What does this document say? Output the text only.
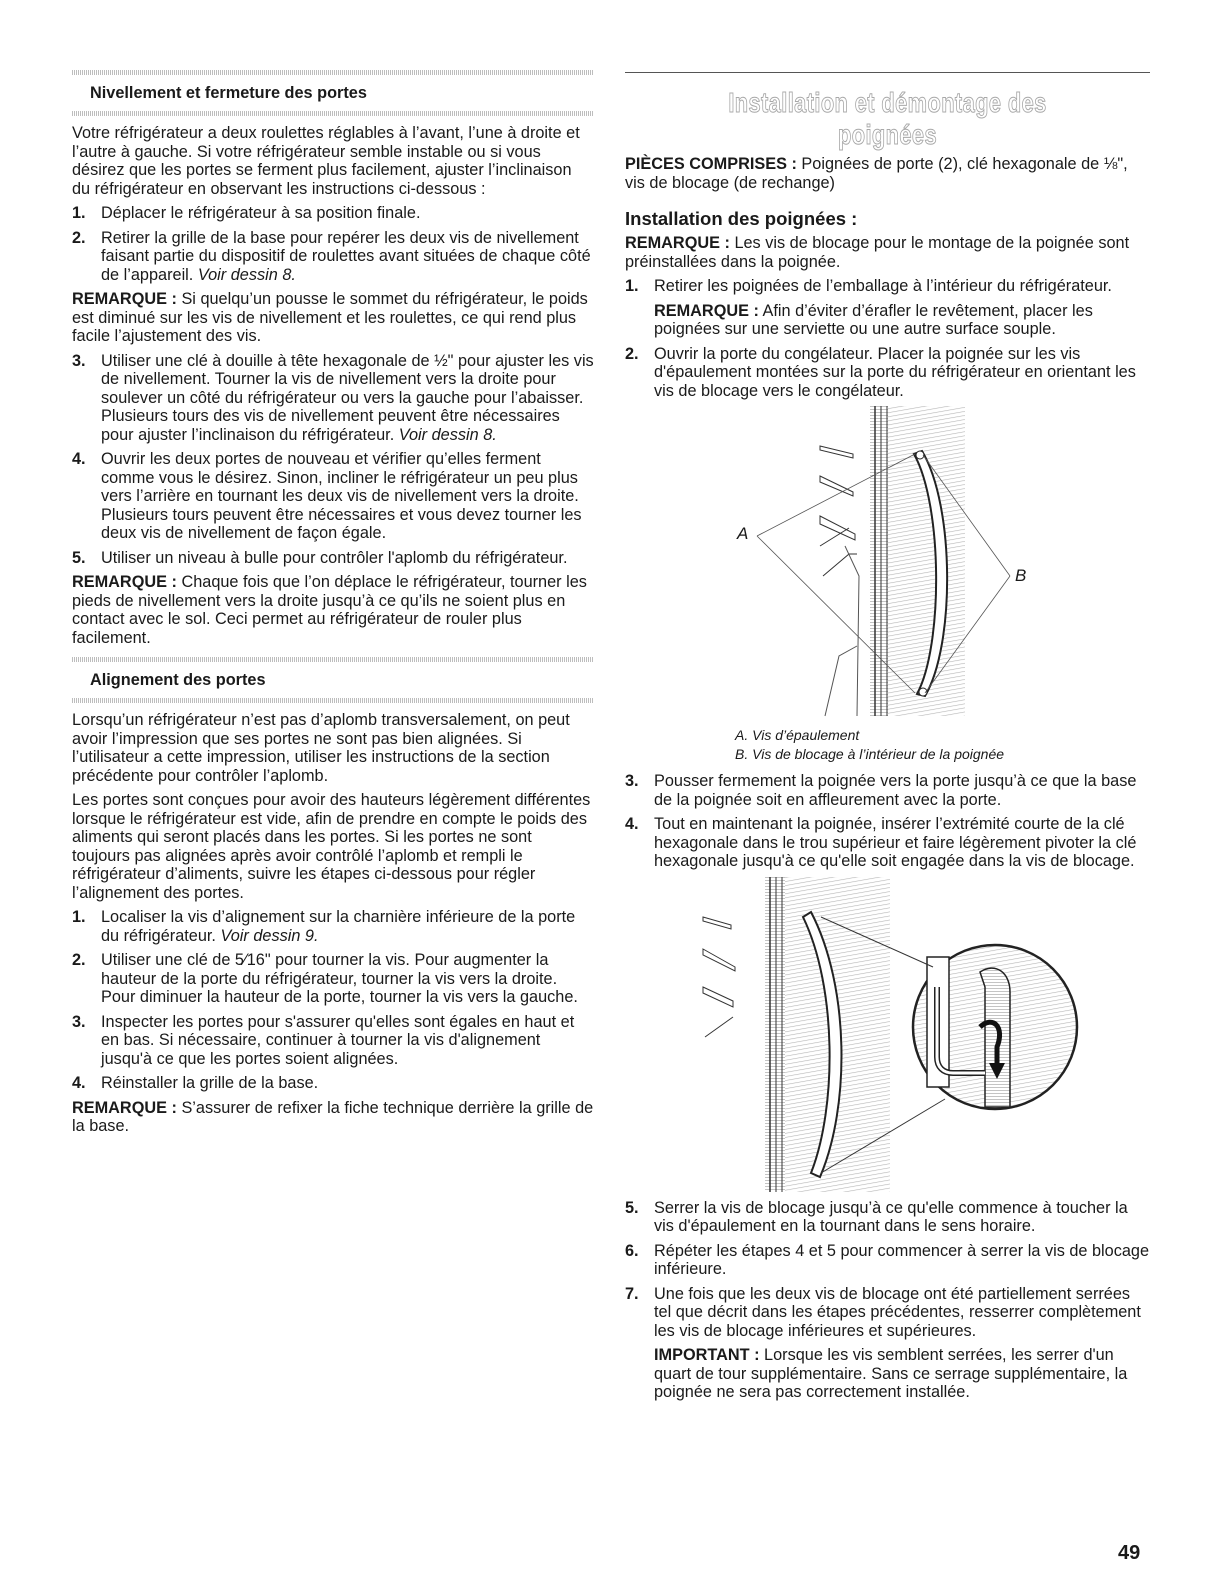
Nivellement et fermeture des portes

Votre réfrigérateur a deux roulettes réglables à l’avant, l’une à droite et l’autre à gauche. Si votre réfrigérateur semble instable ou si vous désirez que les portes se ferment plus facilement, ajuster l’inclinaison du réfrigérateur en observant les instructions ci-dessous :

1. Déplacer le réfrigérateur à sa position finale.
2. Retirer la grille de la base pour repérer les deux vis de nivellement faisant partie du dispositif de roulettes avant situées de chaque côté de l’appareil. Voir dessin 8.

REMARQUE : Si quelqu’un pousse le sommet du réfrigérateur, le poids est diminué sur les vis de nivellement et les roulettes, ce qui rend plus facile l’ajustement des vis.

3. Utiliser une clé à douille à tête hexagonale de ½" pour ajuster les vis de nivellement. Tourner la vis de nivellement vers la droite pour soulever un côté du réfrigérateur ou vers la gauche pour l’abaisser. Plusieurs tours des vis de nivellement peuvent être nécessaires pour ajuster l’inclinaison du réfrigérateur. Voir dessin 8.
4. Ouvrir les deux portes de nouveau et vérifier qu’elles ferment comme vous le désirez. Sinon, incliner le réfrigérateur un peu plus vers l’arrière en tournant les deux vis de nivellement vers la droite. Plusieurs tours peuvent être nécessaires et vous devez tourner les deux vis de nivellement de façon égale.
5. Utiliser un niveau à bulle pour contrôler l'aplomb du réfrigérateur.

REMARQUE : Chaque fois que l’on déplace le réfrigérateur, tourner les pieds de nivellement vers la droite jusqu’à ce qu’ils ne soient plus en contact avec le sol. Ceci permet au réfrigérateur de rouler plus facilement.

Alignement des portes

Lorsqu’un réfrigérateur n’est pas d’aplomb transversalement, on peut avoir l’impression que ses portes ne sont pas bien alignées. Si l’utilisateur a cette impression, utiliser les instructions de la section précédente pour contrôler l’aplomb.

Les portes sont conçues pour avoir des hauteurs légèrement différentes lorsque le réfrigérateur est vide, afin de prendre en compte le poids des aliments qui seront placés dans les portes. Si les portes ne sont toujours pas alignées après avoir contrôlé l’aplomb et rempli le réfrigérateur d’aliments, suivre les étapes ci-dessous pour régler l’alignement des portes.

1. Localiser la vis d’alignement sur la charnière inférieure de la porte du réfrigérateur. Voir dessin 9.
2. Utiliser une clé de 5⁄16" pour tourner la vis. Pour augmenter la hauteur de la porte du réfrigérateur, tourner la vis vers la droite. Pour diminuer la hauteur de la porte, tourner la vis vers la gauche.
3. Inspecter les portes pour s'assurer qu'elles sont égales en haut et en bas. Si nécessaire, continuer à tourner la vis d'alignement jusqu'à ce que les portes soient alignées.
4. Réinstaller la grille de la base.

REMARQUE : S’assurer de refixer la fiche technique derrière la grille de la base.

Installation et démontage des poignées

PIÈCES COMPRISES : Poignées de porte (2), clé hexagonale de ⅛", vis de blocage (de rechange)

Installation des poignées :

REMARQUE : Les vis de blocage pour le montage de la poignée sont préinstallées dans la poignée.

1. Retirer les poignées de l’emballage à l’intérieur du réfrigérateur.
REMARQUE : Afin d’éviter d’érafler le revêtement, placer les poignées sur une serviette ou une autre surface souple.
2. Ouvrir la porte du congélateur. Placer la poignée sur les vis d'épaulement montées sur la porte du réfrigérateur en orientant les vis de blocage vers le congélateur.
A
B
A. Vis d’épaulement
B. Vis de blocage à l’intérieur de la poignée
3. Pousser fermement la poignée vers la porte jusqu’à ce que la base de la poignée soit en affleurement avec la porte.
4. Tout en maintenant la poignée, insérer l’extrémité courte de la clé hexagonale dans le trou supérieur et faire légèrement pivoter la clé hexagonale jusqu'à ce qu'elle soit engagée dans la vis de blocage.
5. Serrer la vis de blocage jusqu’à ce qu'elle commence à toucher la vis d'épaulement en la tournant dans le sens horaire.
6. Répéter les étapes 4 et 5 pour commencer à serrer la vis de blocage inférieure.
7. Une fois que les deux vis de blocage ont été partiellement serrées tel que décrit dans les étapes précédentes, resserrer complètement les vis de blocage inférieures et supérieures.
IMPORTANT : Lorsque les vis semblent serrées, les serrer d'un quart de tour supplémentaire. Sans ce serrage supplémentaire, la poignée ne sera pas correctement installée.
49
